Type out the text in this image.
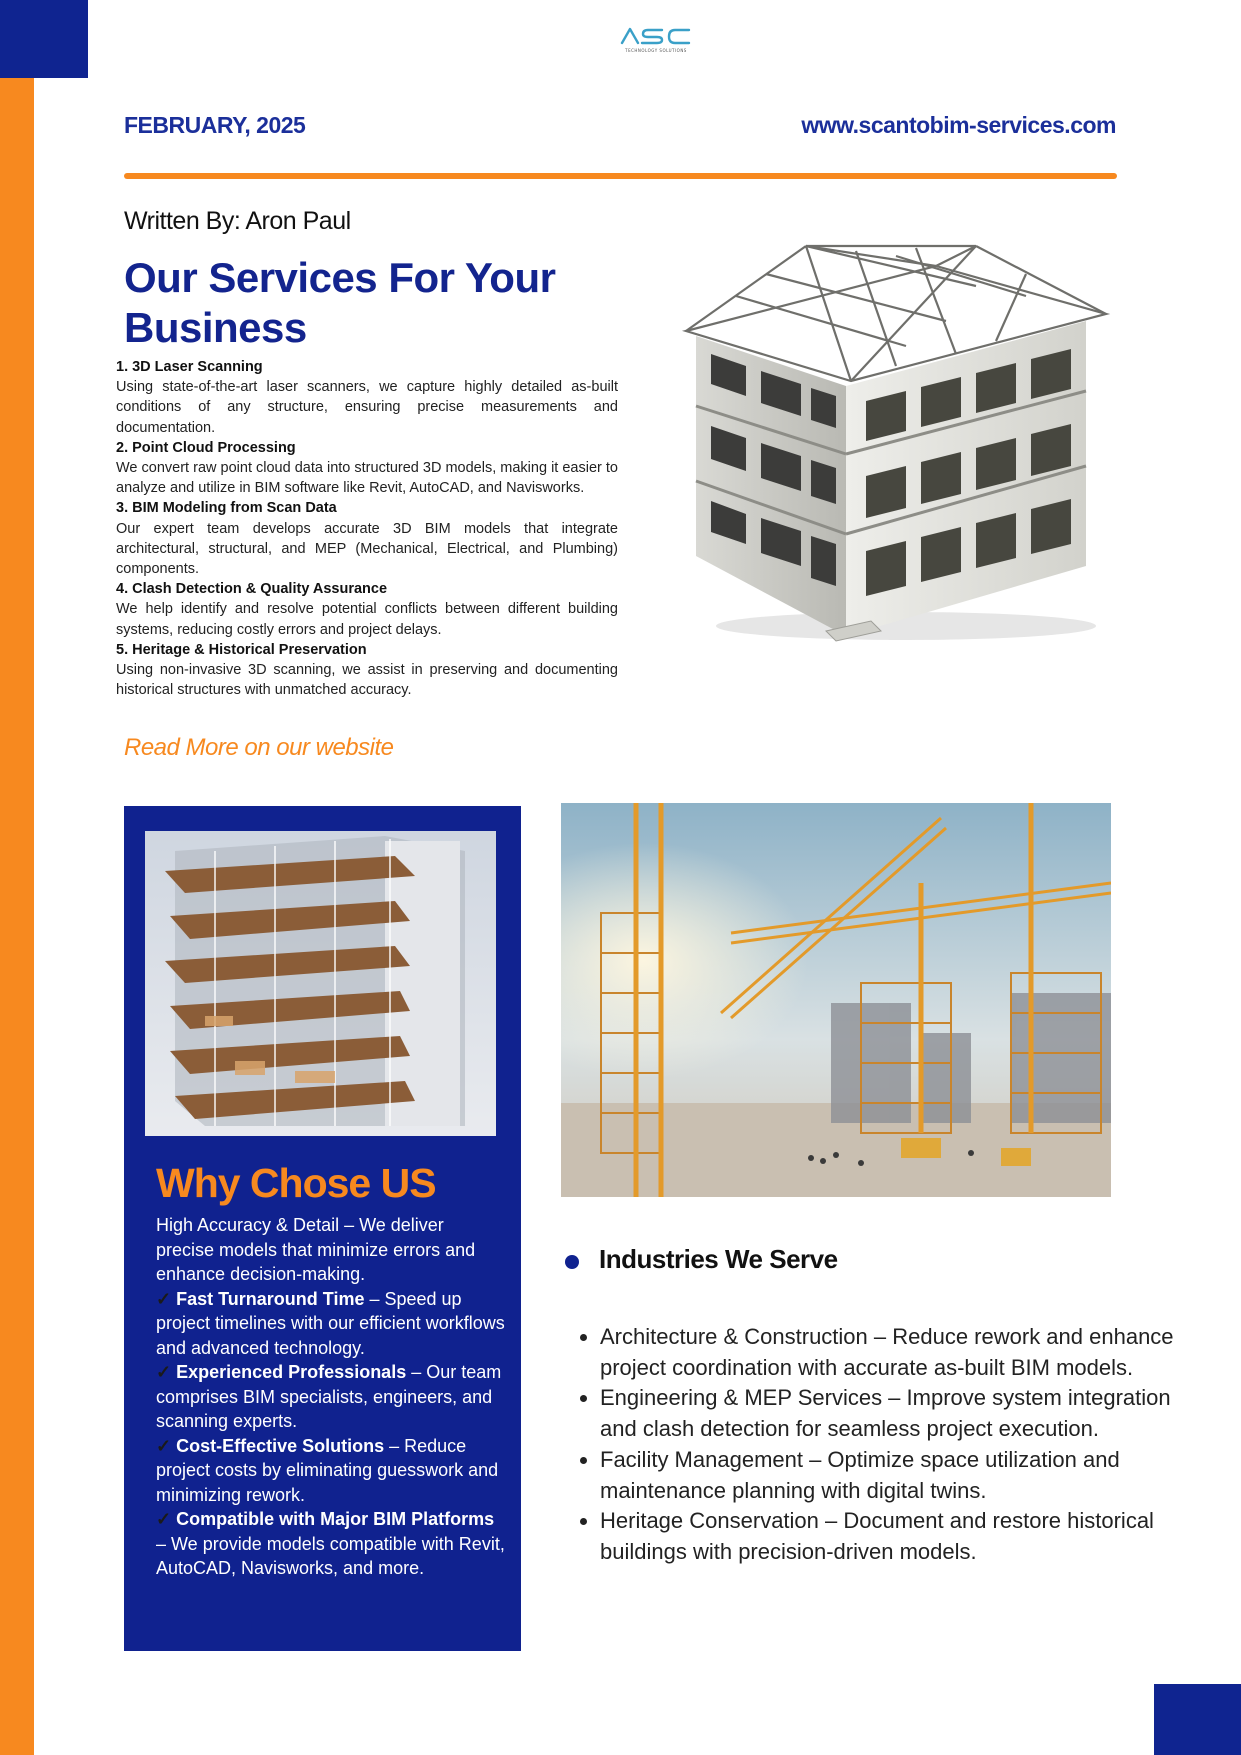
TECHNOLOGY SOLUTIONS
FEBRUARY, 2025	www.scantobim-services.com
Written By: Aron Paul
Our Services For Your Business
1. 3D Laser Scanning
Using state-of-the-art laser scanners, we capture highly detailed as-built conditions of any structure, ensuring precise measurements and documentation.
2. Point Cloud Processing
We convert raw point cloud data into structured 3D models, making it easier to analyze and utilize in BIM software like Revit, AutoCAD, and Navisworks.
3. BIM Modeling from Scan Data
Our expert team develops accurate 3D BIM models that integrate architectural, structural, and MEP (Mechanical, Electrical, and Plumbing) components.
4. Clash Detection & Quality Assurance
We help identify and resolve potential conflicts between different building systems, reducing costly errors and project delays.
5. Heritage & Historical Preservation
Using non-invasive 3D scanning, we assist in preserving and documenting historical structures with unmatched accuracy.
Read More on our website
Why Chose US
High Accuracy & Detail – We deliver precise models that minimize errors and enhance decision-making.
✓ Fast Turnaround Time – Speed up project timelines with our efficient workflows and advanced technology.
✓ Experienced Professionals – Our team comprises BIM specialists, engineers, and scanning experts.
✓ Cost-Effective Solutions – Reduce project costs by eliminating guesswork and minimizing rework.
✓ Compatible with Major BIM Platforms – We provide models compatible with Revit, AutoCAD, Navisworks, and more.
Industries We Serve
• Architecture & Construction – Reduce rework and enhance project coordination with accurate as-built BIM models.
• Engineering & MEP Services – Improve system integration and clash detection for seamless project execution.
• Facility Management – Optimize space utilization and maintenance planning with digital twins.
• Heritage Conservation – Document and restore historical buildings with precision-driven models.
